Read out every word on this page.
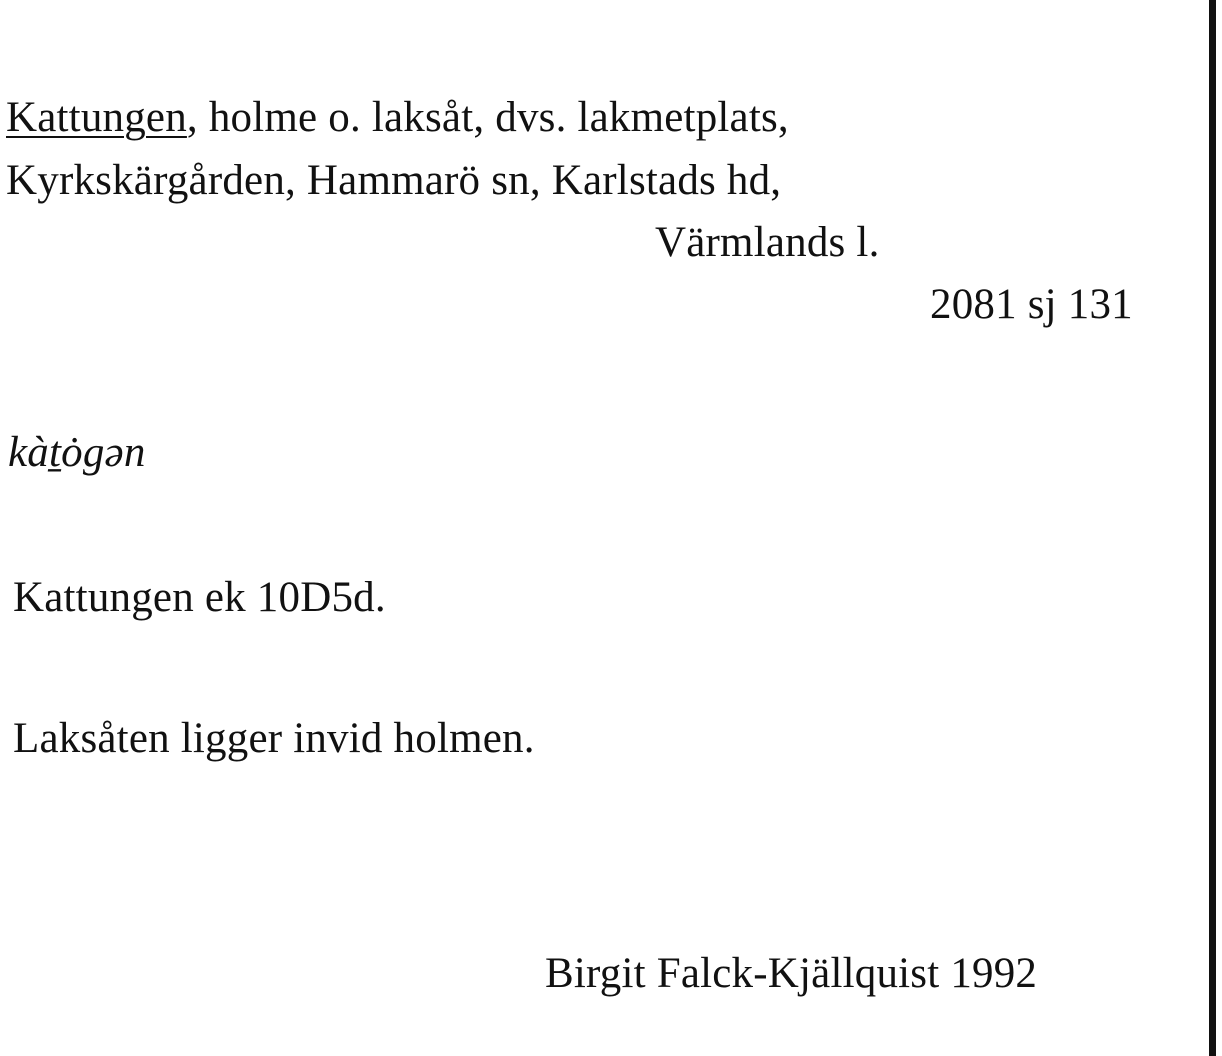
Kattungen, holme o. laksåt, dvs. lakmetplats,
Kyrkskärgården, Hammarö sn, Karlstads hd,
Värmlands l.
2081 sj 131
kàt̠ȯgən
Kattungen ek 10D5d.
Laksåten ligger invid holmen.
Birgit Falck-Kjällquist 1992
